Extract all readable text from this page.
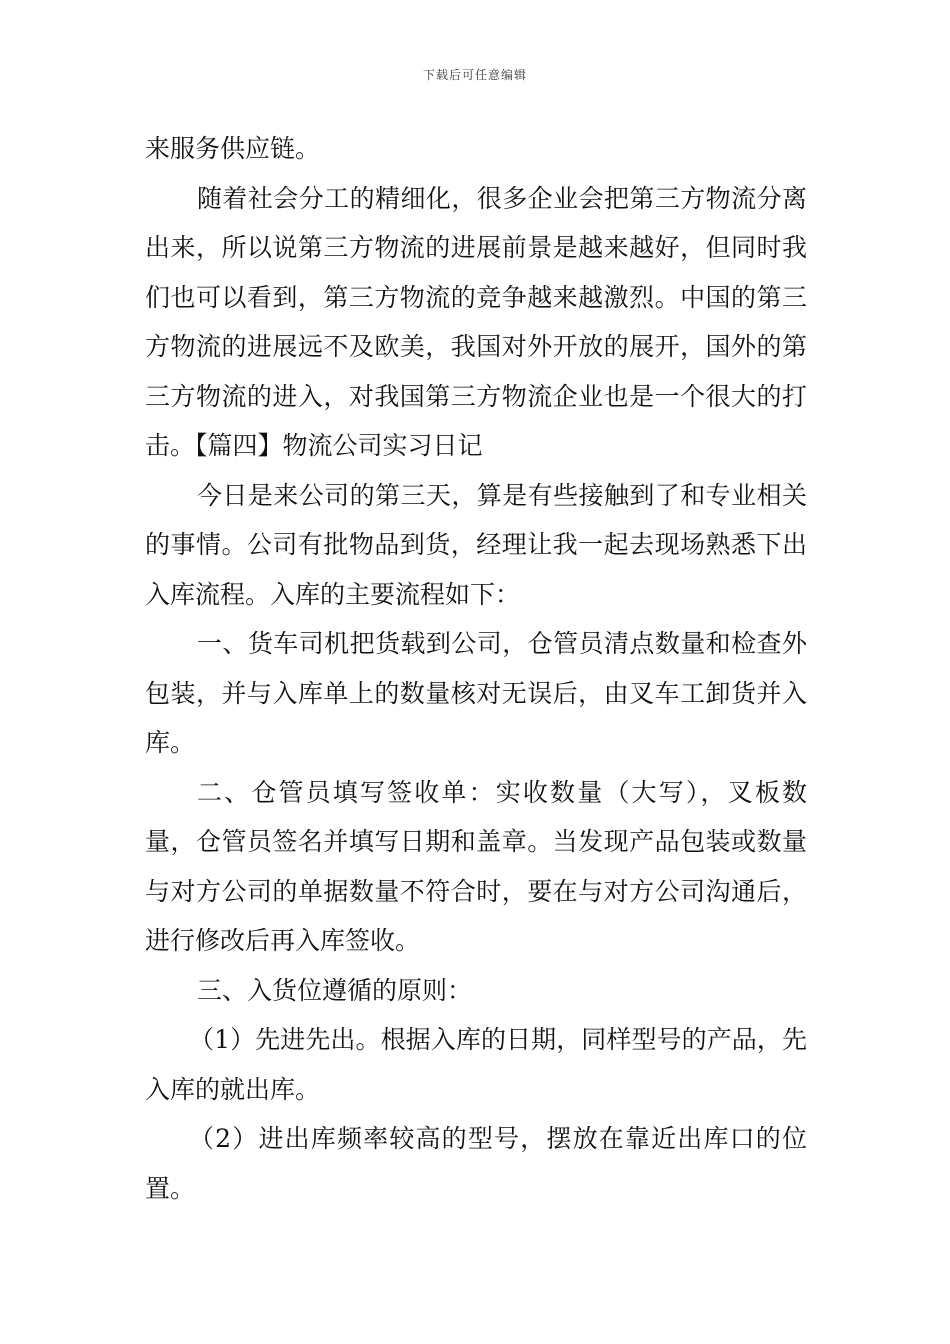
下载后可任意编辑

来服务供应链。

随着社会分工的精细化，很多企业会把第三方物流分离出来，所以说第三方物流的进展前景是越来越好，但同时我们也可以看到，第三方物流的竞争越来越激烈。中国的第三方物流的进展远不及欧美，我国对外开放的展开，国外的第三方物流的进入，对我国第三方物流企业也是一个很大的打击。【篇四】物流公司实习日记

今日是来公司的第三天，算是有些接触到了和专业相关的事情。公司有批物品到货，经理让我一起去现场熟悉下出入库流程。入库的主要流程如下：

一、货车司机把货载到公司，仓管员清点数量和检查外包装，并与入库单上的数量核对无误后，由叉车工卸货并入库。

二、仓管员填写签收单：实收数量（大写），叉板数量，仓管员签名并填写日期和盖章。当发现产品包装或数量与对方公司的单据数量不符合时，要在与对方公司沟通后，进行修改后再入库签收。

三、入货位遵循的原则：

（1）先进先出。根据入库的日期，同样型号的产品，先入库的就出库。

（2）进出库频率较高的型号，摆放在靠近出库口的位置。
